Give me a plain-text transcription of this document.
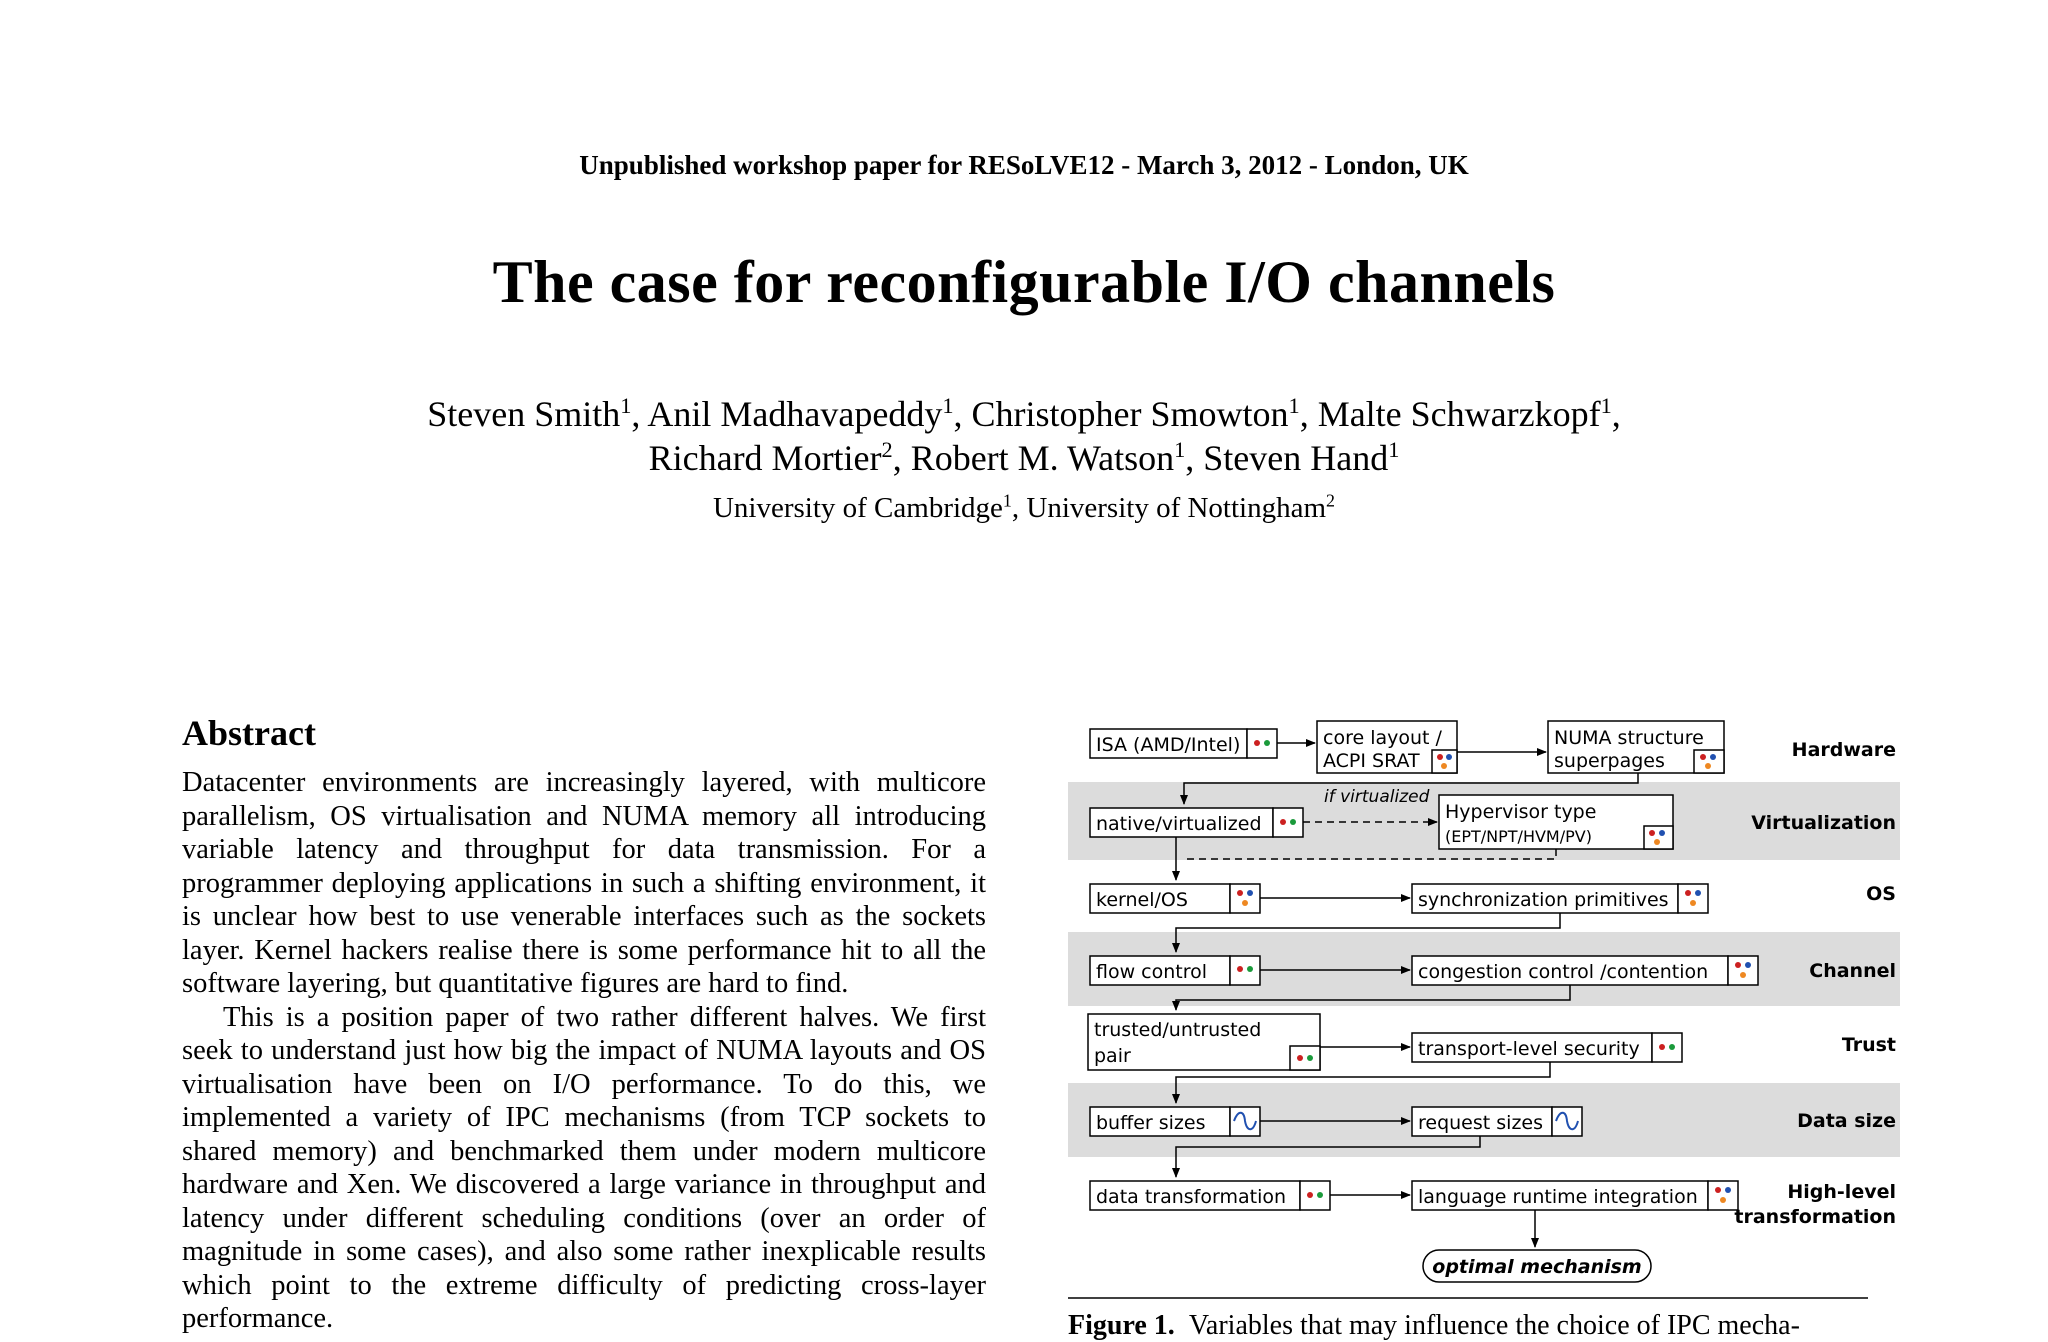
Unpublished workshop paper for RESoLVE12 - March 3, 2012 - London, UK
The case for reconfigurable I/O channels
Steven Smith$^1$, Anil Madhavapeddy$^1$, Christopher Smowton$^1$, Malte Schwarzkopf$^1$,
Richard Mortier$^2$, Robert M. Watson$^1$, Steven Hand$^1$
University of Cambridge$^1$, University of Nottingham$^2$
Abstract

Datacenter environments are increasingly layered, with multicore parallelism, OS virtualisation and NUMA memory all introducing variable latency and throughput for data transmission. For a programmer deploying applications in such a shifting environment, it is unclear how best to use venerable interfaces such as the sockets layer. Kernel hackers realise there is some performance hit to all the software layering, but quantitative figures are hard to find.

This is a position paper of two rather different halves. We first seek to understand just how big the impact of NUMA layouts and OS virtualisation have been on I/O performance. To do this, we implemented a variety of IPC mechanisms (from TCP sockets to shared memory) and benchmarked them under modern multicore hardware and Xen. We discovered a large variance in throughput and latency under different scheduling conditions (over an order of magnitude in some cases), and also some rather inexplicable results which point to the extreme difficulty of predicting cross-layer performance.

ISA (AMD/Intel)	core layout /
ACPI SRAT
NUMA structure
superpages
native/virtualized
if virtualized
Hypervisor type
(EPT/NPT/HVM/PV)
kernel/OS	synchronization primitives
flow control	congestion control /contention
trusted/untrusted
pair	transport-level security
buffer sizes	request sizes
data transformation	language runtime integration
optimal mechanism
Hardware
Virtualization
OS
Channel
Trust
Data size
High-level
transformation
Figure 1. Variables that may influence the choice of IPC mecha-
